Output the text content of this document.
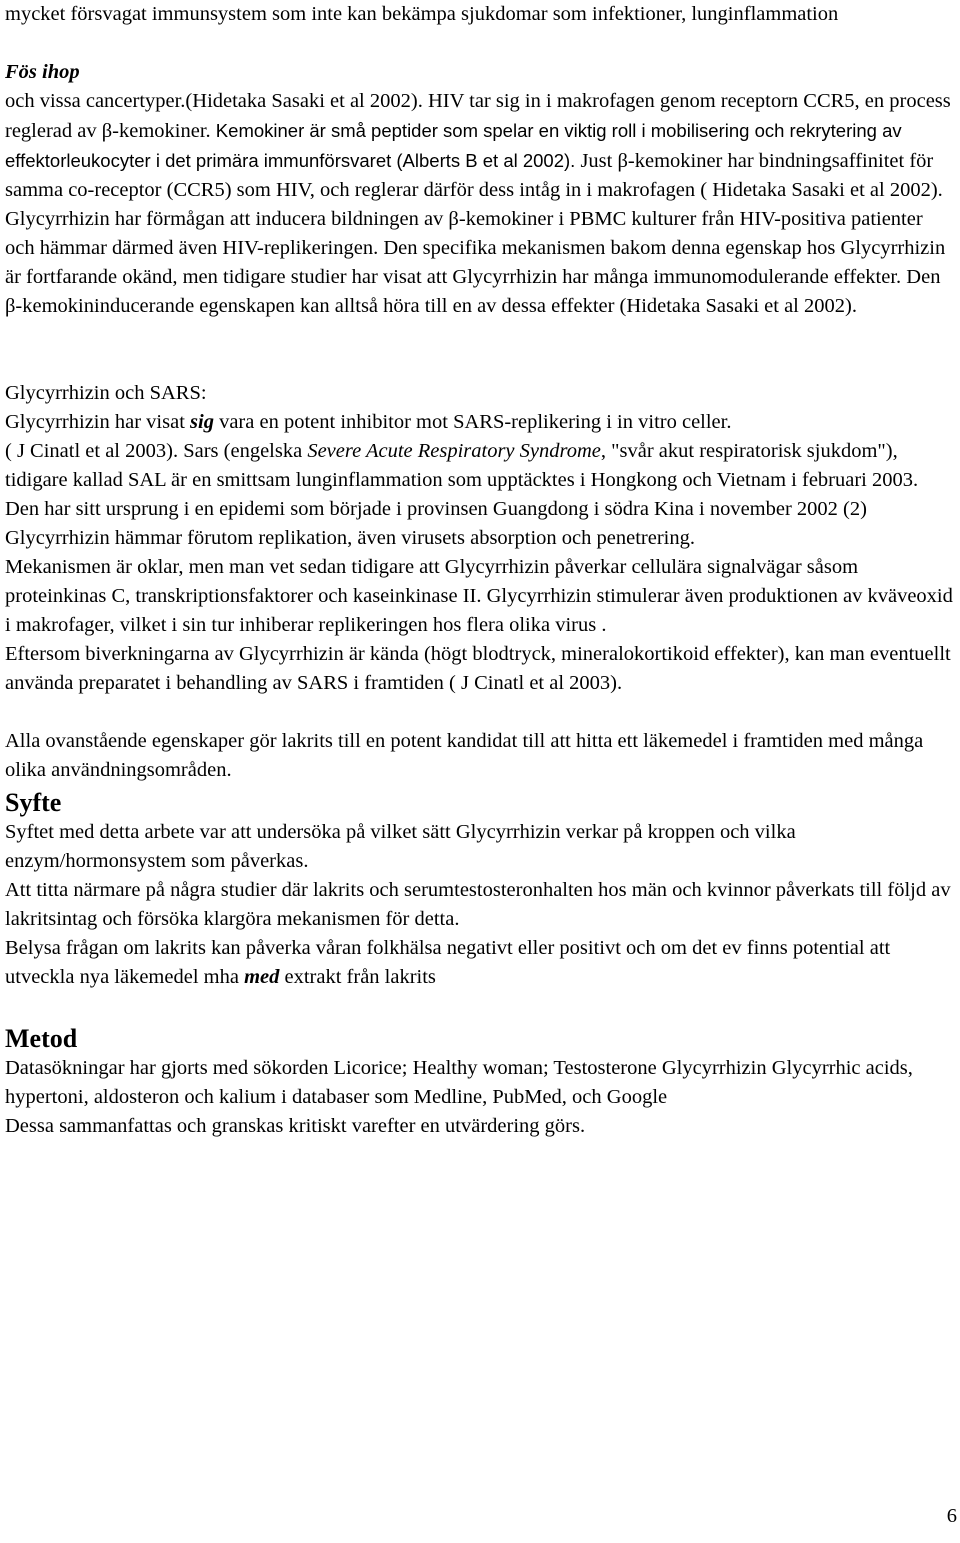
mycket försvagat immunsystem som inte kan bekämpa sjukdomar som infektioner, lunginflammation

Fös ihop
och vissa cancertyper.(Hidetaka Sasaki et al 2002). HIV tar sig in i makrofagen genom receptorn CCR5, en process reglerad av β-kemokiner. Kemokiner är små peptider som spelar en viktig roll i mobilisering och rekrytering av effektorleukocyter i det primära immunförsvaret (Alberts B et al 2002). Just β-kemokiner har bindningsaffinitet för samma co-receptor (CCR5) som HIV, och reglerar därför dess intåg in i makrofagen ( Hidetaka Sasaki et al 2002).
Glycyrrhizin har förmågan att inducera bildningen av β-kemokiner i PBMC kulturer från HIV-positiva patienter och hämmar därmed även HIV-replikeringen. Den specifika mekanismen bakom denna egenskap hos Glycyrrhizin är fortfarande okänd, men tidigare studier har visat att Glycyrrhizin har många immunomodulerande effekter. Den β-kemokininducerande egenskapen kan alltså höra till en av dessa effekter (Hidetaka Sasaki et al 2002).

Glycyrrhizin och SARS:
Glycyrrhizin har visat sig vara en potent inhibitor mot SARS-replikering i in vitro celler.
( J Cinatl et al 2003). Sars (engelska Severe Acute Respiratory Syndrome, "svår akut respiratorisk sjukdom"), tidigare kallad SAL är en smittsam lunginflammation som upptäcktes i Hongkong och Vietnam i februari 2003. Den har sitt ursprung i en epidemi som började i provinsen Guangdong i södra Kina i november 2002 (2)
Glycyrrhizin hämmar förutom replikation, även virusets absorption och penetrering.
Mekanismen är oklar, men man vet sedan tidigare att Glycyrrhizin påverkar cellulära signalvägar såsom proteinkinas C, transkriptionsfaktorer och kaseinkinase II. Glycyrrhizin stimulerar även produktionen av kväveoxid i makrofager, vilket i sin tur inhiberar replikeringen hos flera olika virus .
Eftersom biverkningarna av Glycyrrhizin är kända (högt blodtryck, mineralokortikoid effekter), kan man eventuellt använda preparatet i behandling av SARS i framtiden ( J Cinatl et al 2003).

Alla ovanstående egenskaper gör lakrits till en potent kandidat till att hitta ett läkemedel i framtiden med många olika användningsområden.

Syfte

Syftet med detta arbete var att undersöka på vilket sätt Glycyrrhizin verkar på kroppen och vilka enzym/hormonsystem som påverkas.
Att titta närmare på några studier där lakrits och serumtestosteronhalten hos män och kvinnor påverkats till följd av lakritsintag och försöka klargöra mekanismen för detta.
Belysa frågan om lakrits kan påverka våran folkhälsa negativt eller positivt och om det ev finns potential att utveckla nya läkemedel mha med extrakt från lakrits

Metod

Datasökningar har gjorts med sökorden Licorice; Healthy woman; Testosterone Glycyrrhizin Glycyrrhic acids, hypertoni, aldosteron och kalium i databaser som Medline, PubMed, och Google
Dessa sammanfattas och granskas kritiskt varefter en utvärdering görs.

6
